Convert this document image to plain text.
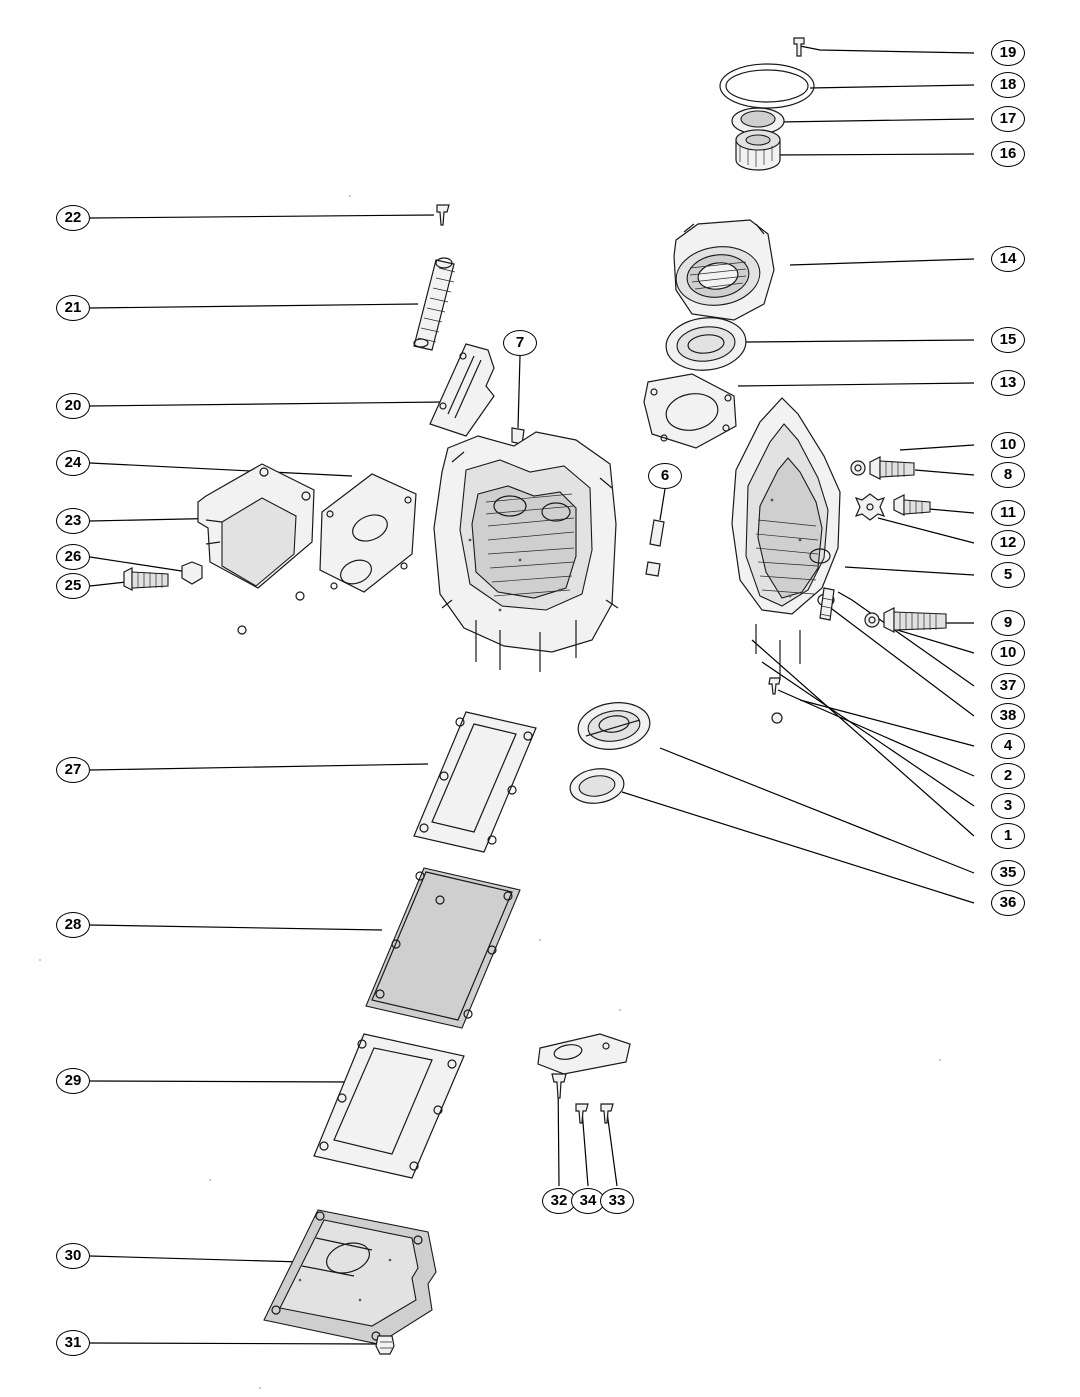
22
21
20
24
23
26
25
27
28
29
30
31
7
6
32 34 33
19
18
17
16
14
15
13
10
8
11
12
5
9
10
37
38
4
2
3
1
35
36
